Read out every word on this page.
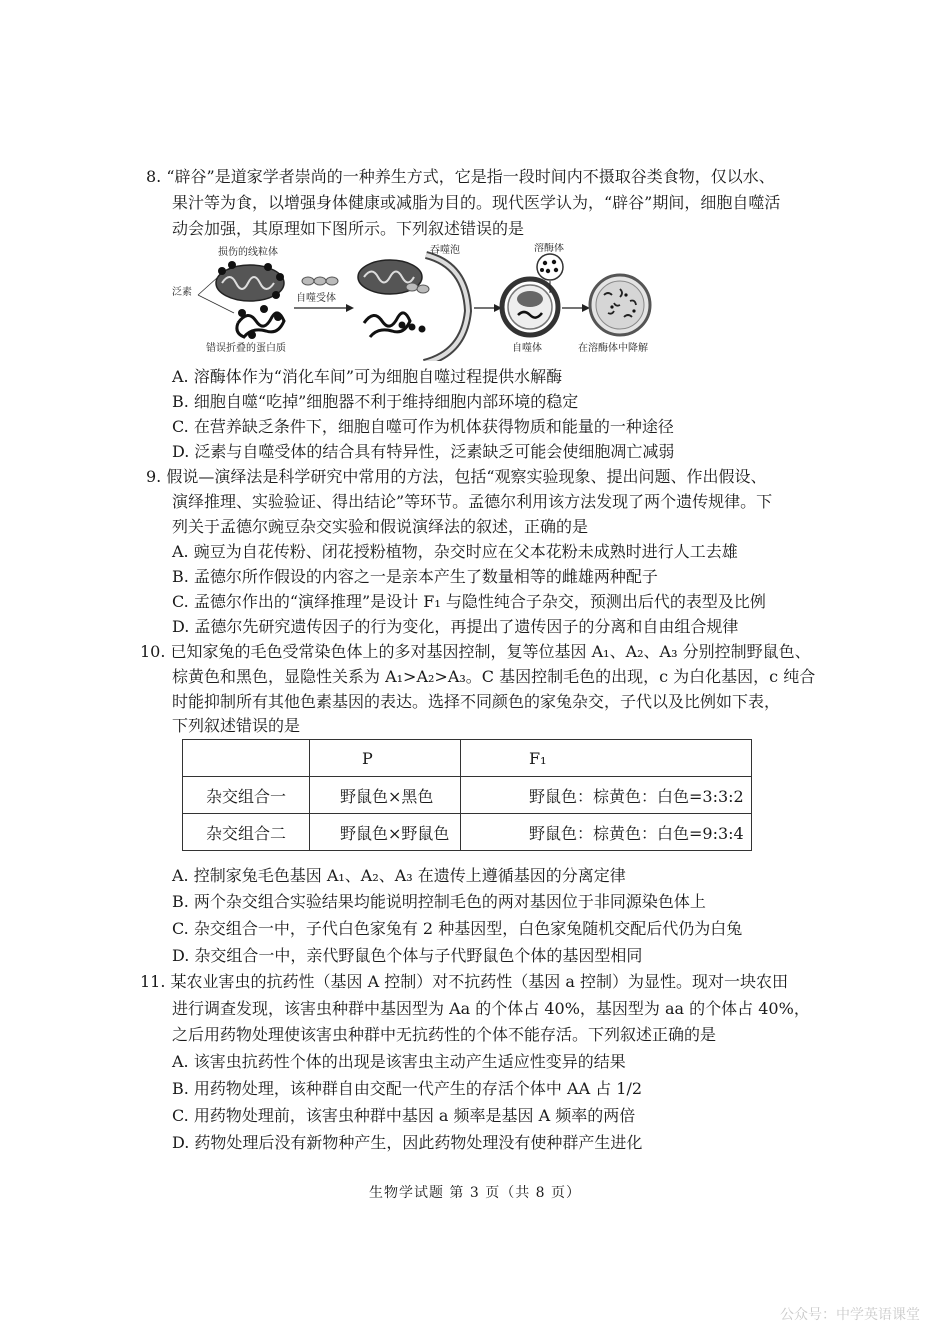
8. “辟谷”是道家学者崇尚的一种养生方式，它是指一段时间内不摄取谷类食物，仅以水、
果汁等为食，以增强身体健康或减脂为目的。现代医学认为，“辟谷”期间，细胞自噬活
动会加强，其原理如下图所示。下列叙述错误的是
损伤的线粒体
泛素
错误折叠的蛋白质
自噬受体
吞噬泡
自噬体
溶酶体
在溶酶体中降解
A. 溶酶体作为“消化车间”可为细胞自噬过程提供水解酶
B. 细胞自噬“吃掉”细胞器不利于维持细胞内部环境的稳定
C. 在营养缺乏条件下，细胞自噬可作为机体获得物质和能量的一种途径
D. 泛素与自噬受体的结合具有特异性，泛素缺乏可能会使细胞凋亡减弱
9. 假说—演绎法是科学研究中常用的方法，包括“观察实验现象、提出问题、作出假设、
演绎推理、实验验证、得出结论”等环节。孟德尔利用该方法发现了两个遗传规律。下
列关于孟德尔豌豆杂交实验和假说演绎法的叙述，正确的是
A. 豌豆为自花传粉、闭花授粉植物，杂交时应在父本花粉未成熟时进行人工去雄
B. 孟德尔所作假设的内容之一是亲本产生了数量相等的雌雄两种配子
C. 孟德尔作出的“演绎推理”是设计 F₁ 与隐性纯合子杂交，预测出后代的表型及比例
D. 孟德尔先研究遗传因子的行为变化，再提出了遗传因子的分离和自由组合规律
10. 已知家兔的毛色受常染色体上的多对基因控制，复等位基因 A₁、A₂、A₃ 分别控制野鼠色、
棕黄色和黑色，显隐性关系为 A₁>A₂>A₃。C 基因控制毛色的出现，c 为白化基因，c 纯合
时能抑制所有其他色素基因的表达。选择不同颜色的家兔杂交，子代以及比例如下表，
下列叙述错误的是
	P	F₁
杂交组合一	野鼠色×黑色	野鼠色：棕黄色：白色=3:3:2
杂交组合二	野鼠色×野鼠色	野鼠色：棕黄色：白色=9:3:4
A. 控制家兔毛色基因 A₁、A₂、A₃ 在遗传上遵循基因的分离定律
B. 两个杂交组合实验结果均能说明控制毛色的两对基因位于非同源染色体上
C. 杂交组合一中，子代白色家兔有 2 种基因型，白色家兔随机交配后代仍为白兔
D. 杂交组合一中，亲代野鼠色个体与子代野鼠色个体的基因型相同
11. 某农业害虫的抗药性（基因 A 控制）对不抗药性（基因 a 控制）为显性。现对一块农田
进行调查发现，该害虫种群中基因型为 Aa 的个体占 40%，基因型为 aa 的个体占 40%，
之后用药物处理使该害虫种群中无抗药性的个体不能存活。下列叙述正确的是
A. 该害虫抗药性个体的出现是该害虫主动产生适应性变异的结果
B. 用药物处理，该种群自由交配一代产生的存活个体中 AA 占 1/2
C. 用药物处理前，该害虫种群中基因 a 频率是基因 A 频率的两倍
D. 药物处理后没有新物种产生，因此药物处理没有使种群产生进化
生物学试题 第 3 页（共 8 页）
公众号：中学英语课堂
